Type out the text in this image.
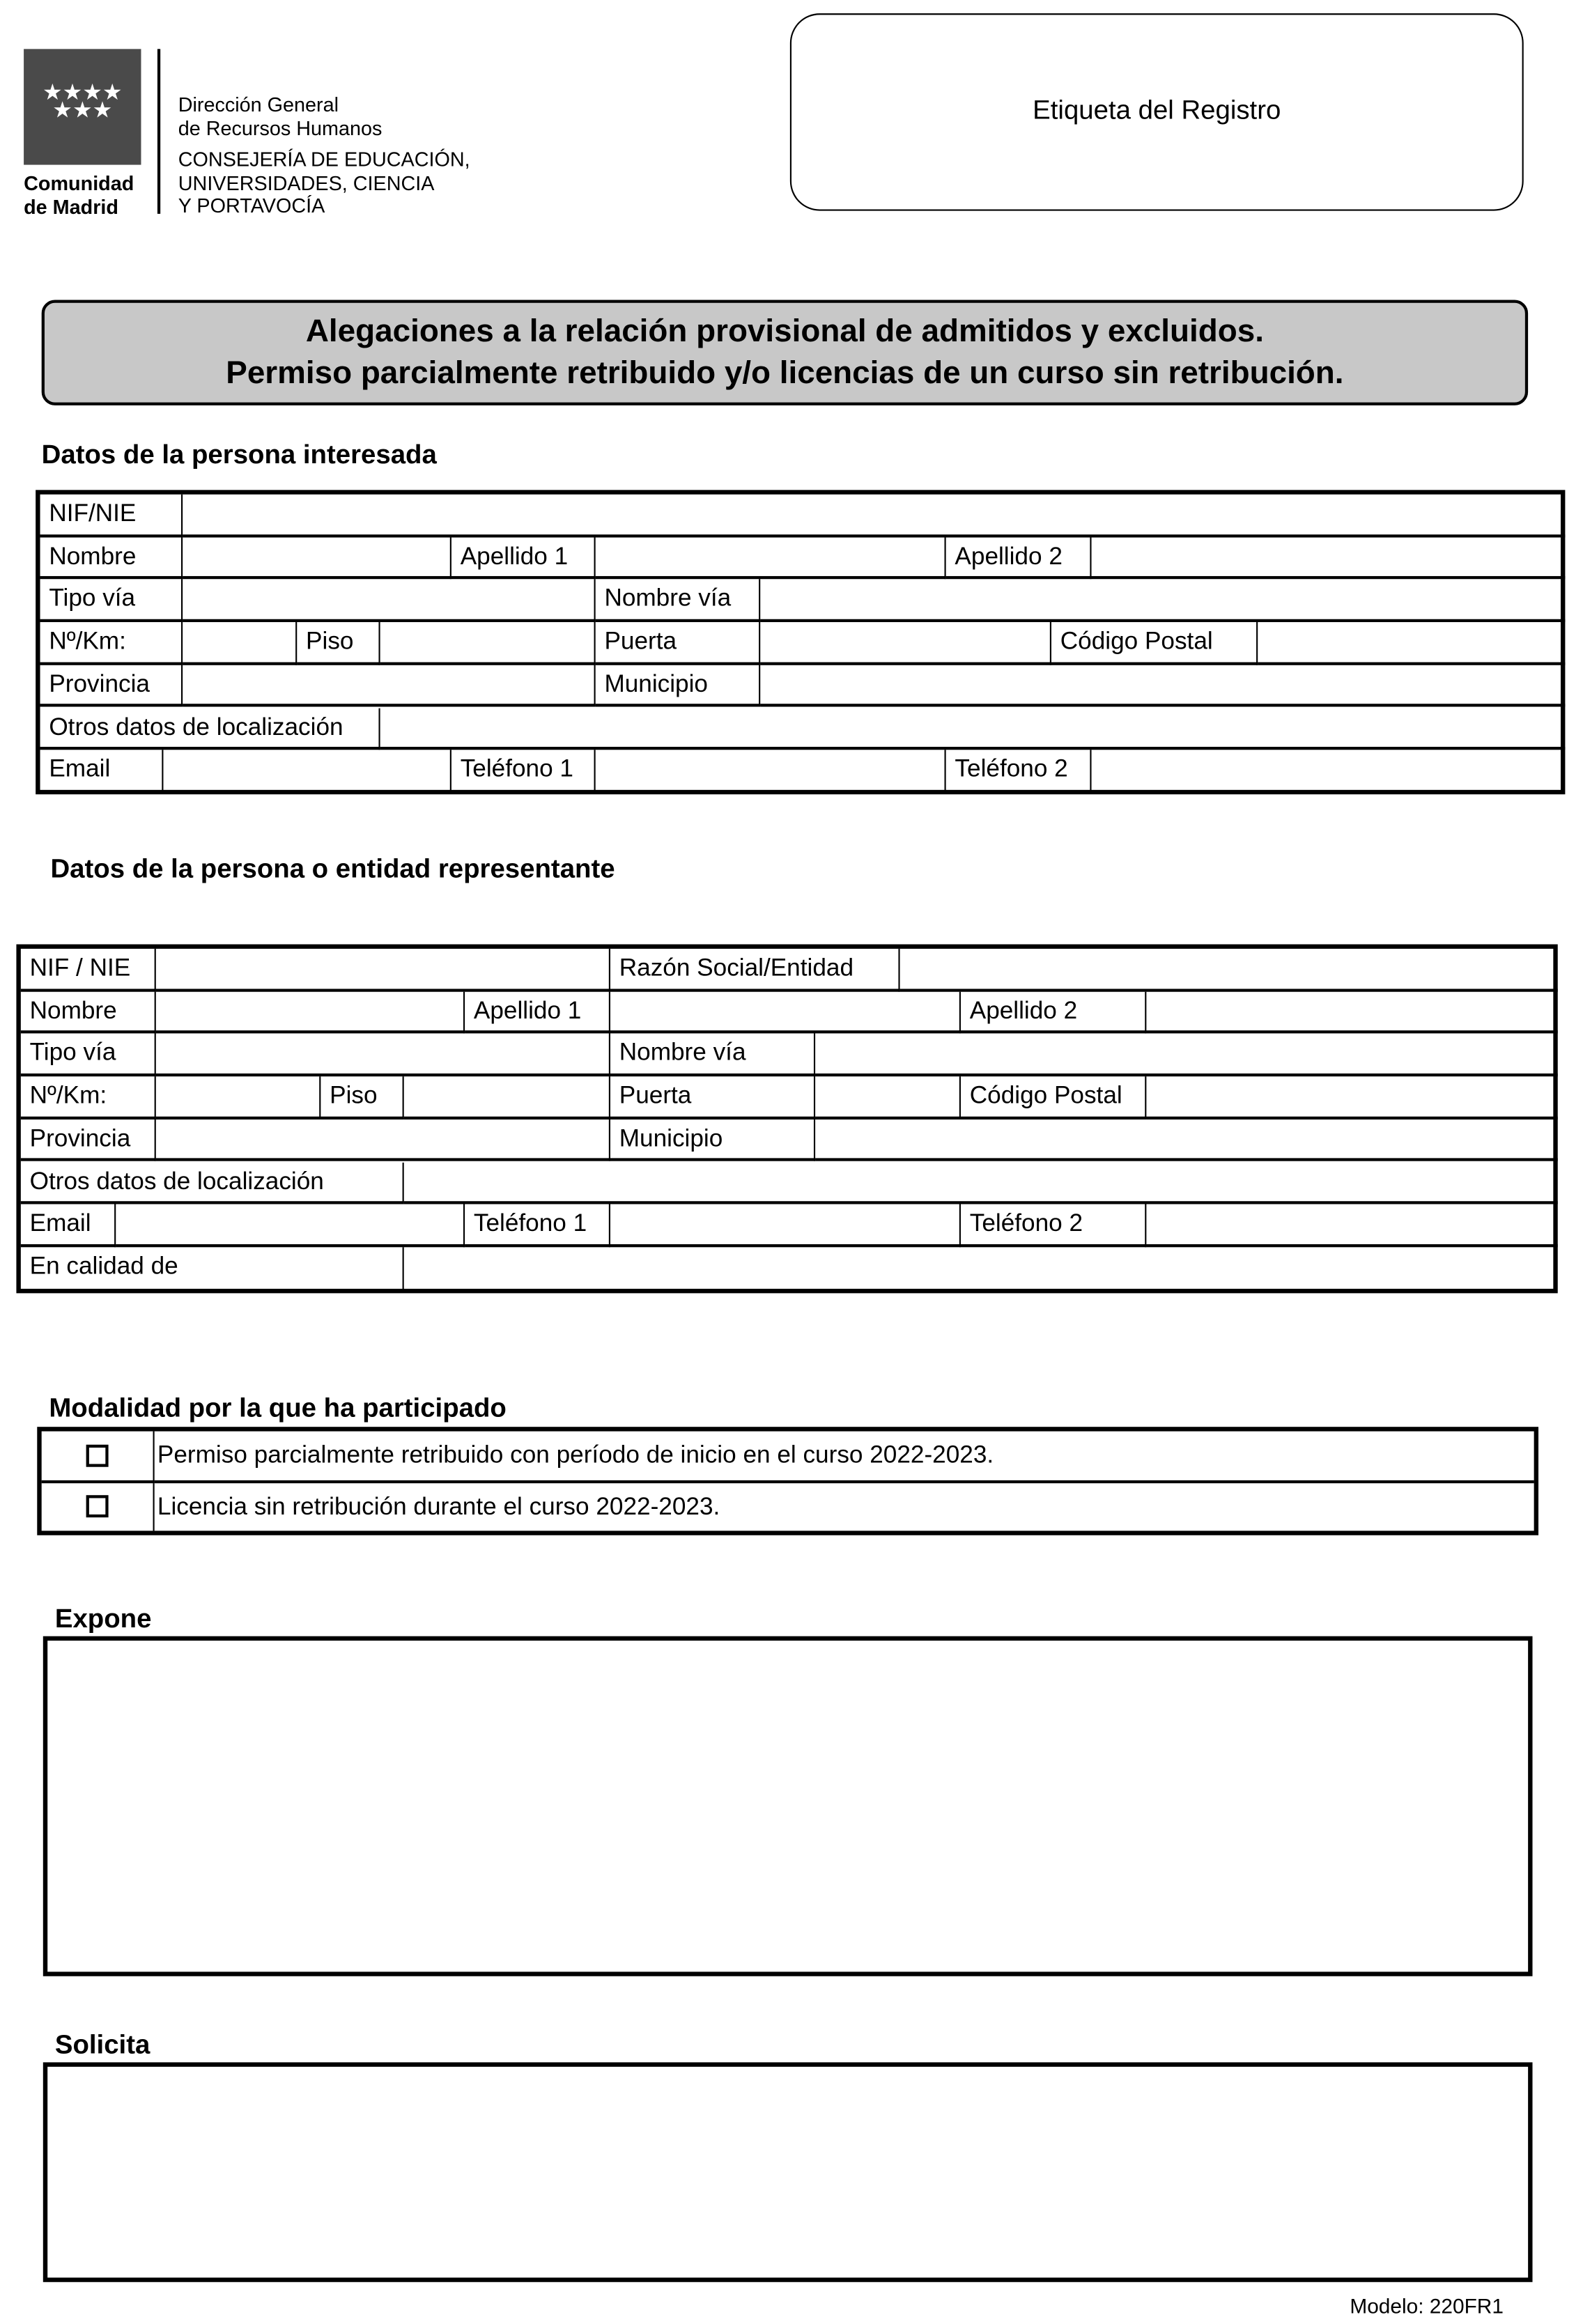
★★★★
★★★
Comunidad
de Madrid
Dirección General
de Recursos Humanos
CONSEJERÍA DE EDUCACIÓN,
UNIVERSIDADES, CIENCIA
Y PORTAVOCÍA
Etiqueta del Registro
Alegaciones a la relación provisional de admitidos y excluidos.
Permiso parcialmente retribuido y/o licencias de un curso sin retribución.
Datos de la persona interesada
NIF/NIE
Nombre	Apellido 1	Apellido 2
Tipo vía	Nombre vía
Nº/Km:	Piso	Puerta	Código Postal
Provincia	Municipio
Otros datos de localización
Email	Teléfono 1	Teléfono 2
Datos de la persona o entidad representante
NIF / NIE	Razón Social/Entidad
Nombre	Apellido 1	Apellido 2
Tipo vía	Nombre vía
Nº/Km:	Piso	Puerta	Código Postal
Provincia	Municipio
Otros datos de localización
Email	Teléfono 1	Teléfono 2
En calidad de
Modalidad por la que ha participado
Permiso parcialmente retribuido con período de inicio en el curso 2022-2023.
Licencia sin retribución durante el curso 2022-2023.
Expone
Solicita
Modelo: 220FR1
